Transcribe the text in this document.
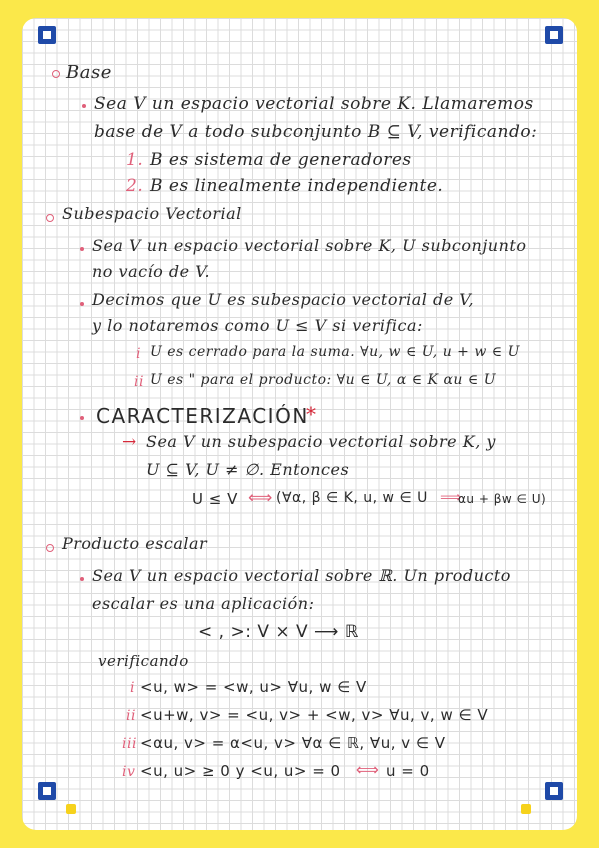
Base
Sea V un espacio vectorial sobre K. Llamaremos
base de V a todo subconjunto B ⊆ V, verificando:
1. B es sistema de generadores
2. B es linealmente independiente.
Subespacio Vectorial
Sea V un espacio vectorial sobre K, U subconjunto
no vacío de V.
Decimos que U es subespacio vectorial de V,
y lo notaremos como U ≤ V si verifica:
i U es cerrado para la suma. ∀u, w ∈ U, u + w ∈ U
ii U es " para el producto: ∀u ∈ U, α ∈ K αu ∈ U
CARACTERIZACIÓN
*
→ Sea V un subespacio vectorial sobre K, y
U ⊆ V, U ≠ ∅. Entonces
U ≤ V ⟺ (∀α, β ∈ K, u, w ∈ U ⟹
αu + βw ∈ U)
Producto escalar
Sea V un espacio vectorial sobre ℝ. Un producto
escalar es una aplicación:
< , >: V × V ⟶ ℝ
verificando
i <u, w> = <w, u> ∀u, w ∈ V
ii <u+w, v> = <u, v> + <w, v> ∀u, v, w ∈ V
iii <αu, v> = α<u, v> ∀α ∈ ℝ, ∀u, v ∈ V
iv <u, u> ≥ 0 y <u, u> = 0 ⟺ u = 0
